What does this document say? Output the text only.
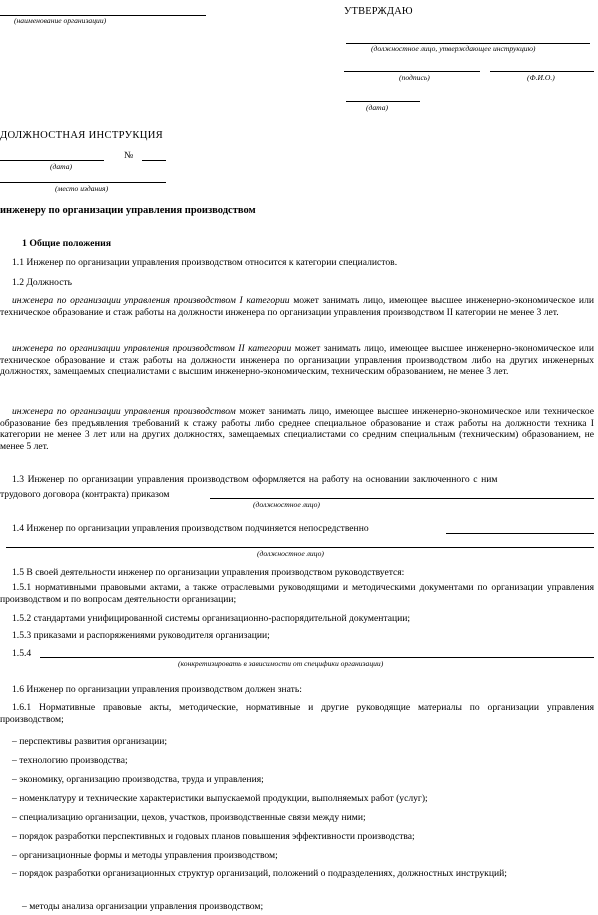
(наименование организации)
УТВЕРЖДАЮ
(должностное лицо, утверждающее инструкцию)
(подпись)	(Ф.И.О.)
(дата)
ДОЛЖНОСТНАЯ ИНСТРУКЦИЯ
№
(дата)
(место издания)
инженеру по организации управления производством
1 Общие положения
1.1 Инженер по организации управления производством относится к категории специалистов.
1.2 Должность
инженера по организации управления производством I категории может занимать лицо, имеющее высшее инженерно-экономическое или техническое образование и стаж работы на должности инженера по организации управления производством II категории не менее 3 лет.
инженера по организации управления производством II категории может занимать лицо, имеющее высшее инженерно-экономическое или техническое образование и стаж работы на должности инженера по организации управления производством либо на других инженерных должностях, замещаемых специалистами с высшим инженерно-экономическим, техническим образованием, не менее 3 лет.
инженера по организации управления производством может занимать лицо, имеющее высшее инженерно-экономическое или техническое образование без предъявления требований к стажу работы либо среднее специальное образование и стаж работы на должности техника I категории не менее 3 лет или на других должностях, замещаемых специалистами со средним специальным (техническим) образованием, не менее 5 лет.
1.3 Инженер по организации управления производством оформляется на работу на основании заключенного с ним
трудового договора (контракта) приказом
(должностное лицо)
1.4 Инженер по организации управления производством подчиняется непосредственно
(должностное лицо)
1.5 В своей деятельности инженер по организации управления производством руководствуется:
1.5.1 нормативными правовыми актами, а также отраслевыми руководящими и методическими документами по организации управления производством и по вопросам деятельности организации;
1.5.2 стандартами унифицированной системы организационно-распорядительной документации;
1.5.3 приказами и распоряжениями руководителя организации;
1.5.4
(конкретизировать в зависимости от специфики организации)
1.6 Инженер по организации управления производством должен знать:
1.6.1 Нормативные правовые акты, методические, нормативные и другие руководящие материалы по организации управления производством;
– перспективы развития организации;
– технологию производства;
– экономику, организацию производства, труда и управления;
– номенклатуру и технические характеристики выпускаемой продукции, выполняемых работ (услуг);
– специализацию организации, цехов, участков, производственные связи между ними;
– порядок разработки перспективных и годовых планов повышения эффективности производства;
– организационные формы и методы управления производством;
– порядок разработки организационных структур организаций, положений о подразделениях, должностных инструкций;
– методы анализа организации управления производством;
